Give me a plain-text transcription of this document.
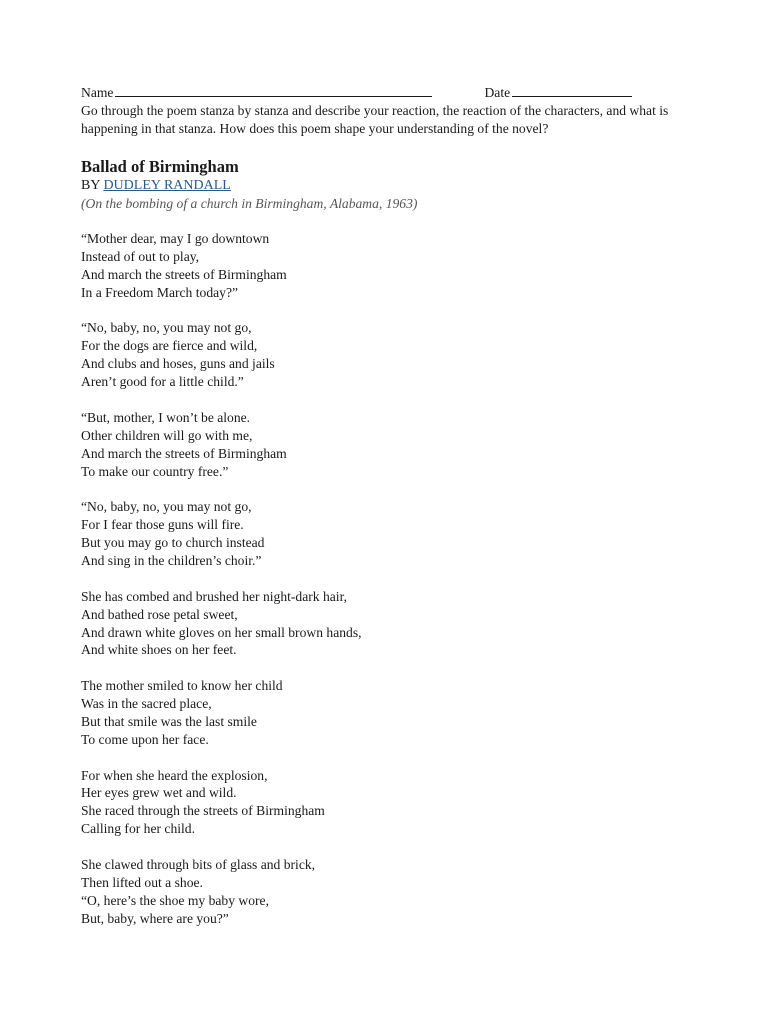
Name	Date

Go through the poem stanza by stanza and describe your reaction, the reaction of the characters, and what is happening in that stanza. How does this poem shape your understanding of the novel?

Ballad of Birmingham
BY DUDLEY RANDALL
(On the bombing of a church in Birmingham, Alabama, 1963)
“Mother dear, may I go downtown
Instead of out to play,
And march the streets of Birmingham
In a Freedom March today?”
“No, baby, no, you may not go,
For the dogs are fierce and wild,
And clubs and hoses, guns and jails
Aren’t good for a little child.”
“But, mother, I won’t be alone.
Other children will go with me,
And march the streets of Birmingham
To make our country free.”
“No, baby, no, you may not go,
For I fear those guns will fire.
But you may go to church instead
And sing in the children’s choir.”
She has combed and brushed her night-dark hair,
And bathed rose petal sweet,
And drawn white gloves on her small brown hands,
And white shoes on her feet.
The mother smiled to know her child
Was in the sacred place,
But that smile was the last smile
To come upon her face.
For when she heard the explosion,
Her eyes grew wet and wild.
She raced through the streets of Birmingham
Calling for her child.
She clawed through bits of glass and brick,
Then lifted out a shoe.
“O, here’s the shoe my baby wore,
But, baby, where are you?”
